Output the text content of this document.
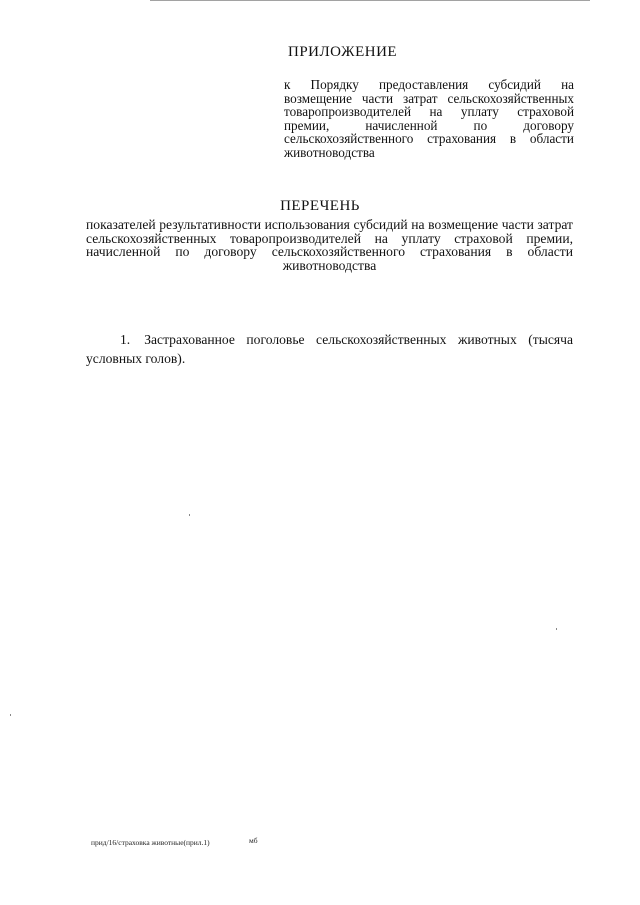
ПРИЛОЖЕНИЕ
к Порядку предоставления субсидий на возмещение части затрат сельскохозяйственных товаропроизводителей на уплату страховой премии, начисленной по договору сельскохозяйственного страхования в области животноводства
ПЕРЕЧЕНЬ
показателей результативности использования субсидий на возмещение части затрат сельскохозяйственных товаропроизводителей на уплату страховой премии, начисленной по договору сельскохозяйственного страхования в области животноводства
1. Застрахованное поголовье сельскохозяйственных животных (тысяча условных голов).
прид/16/страховка животные(прил.1)	мб
